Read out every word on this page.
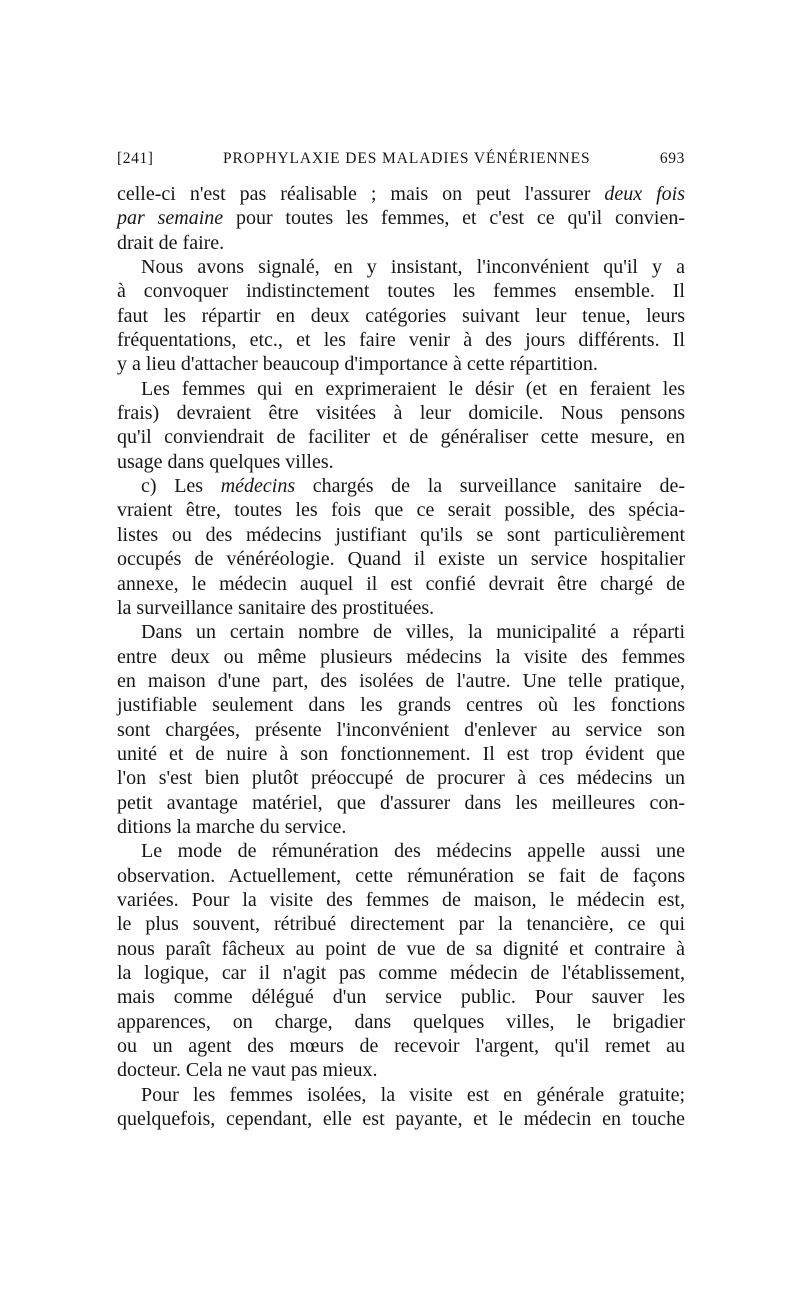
[241]	PROPHYLAXIE DES MALADIES VÉNÉRIENNES	693
celle-ci n'est pas réalisable ; mais on peut l'assurer deux fois
par semaine pour toutes les femmes, et c'est ce qu'il convien-
drait de faire.
Nous avons signalé, en y insistant, l'inconvénient qu'il y a
à convoquer indistinctement toutes les femmes ensemble. Il
faut les répartir en deux catégories suivant leur tenue, leurs
fréquentations, etc., et les faire venir à des jours différents. Il
y a lieu d'attacher beaucoup d'importance à cette répartition.
Les femmes qui en exprimeraient le désir (et en feraient les
frais) devraient être visitées à leur domicile. Nous pensons
qu'il conviendrait de faciliter et de généraliser cette mesure, en
usage dans quelques villes.
c) Les médecins chargés de la surveillance sanitaire de-
vraient être, toutes les fois que ce serait possible, des spécia-
listes ou des médecins justifiant qu'ils se sont particulièrement
occupés de vénéréologie. Quand il existe un service hospitalier
annexe, le médecin auquel il est confié devrait être chargé de
la surveillance sanitaire des prostituées.
Dans un certain nombre de villes, la municipalité a réparti
entre deux ou même plusieurs médecins la visite des femmes
en maison d'une part, des isolées de l'autre. Une telle pratique,
justifiable seulement dans les grands centres où les fonctions
sont chargées, présente l'inconvénient d'enlever au service son
unité et de nuire à son fonctionnement. Il est trop évident que
l'on s'est bien plutôt préoccupé de procurer à ces médecins un
petit avantage matériel, que d'assurer dans les meilleures con-
ditions la marche du service.
Le mode de rémunération des médecins appelle aussi une
observation. Actuellement, cette rémunération se fait de façons
variées. Pour la visite des femmes de maison, le médecin est,
le plus souvent, rétribué directement par la tenancière, ce qui
nous paraît fâcheux au point de vue de sa dignité et contraire à
la logique, car il n'agit pas comme médecin de l'établissement,
mais comme délégué d'un service public. Pour sauver les
apparences, on charge, dans quelques villes, le brigadier
ou un agent des mœurs de recevoir l'argent, qu'il remet au
docteur. Cela ne vaut pas mieux.
Pour les femmes isolées, la visite est en générale gratuite;
quelquefois, cependant, elle est payante, et le médecin en touche
